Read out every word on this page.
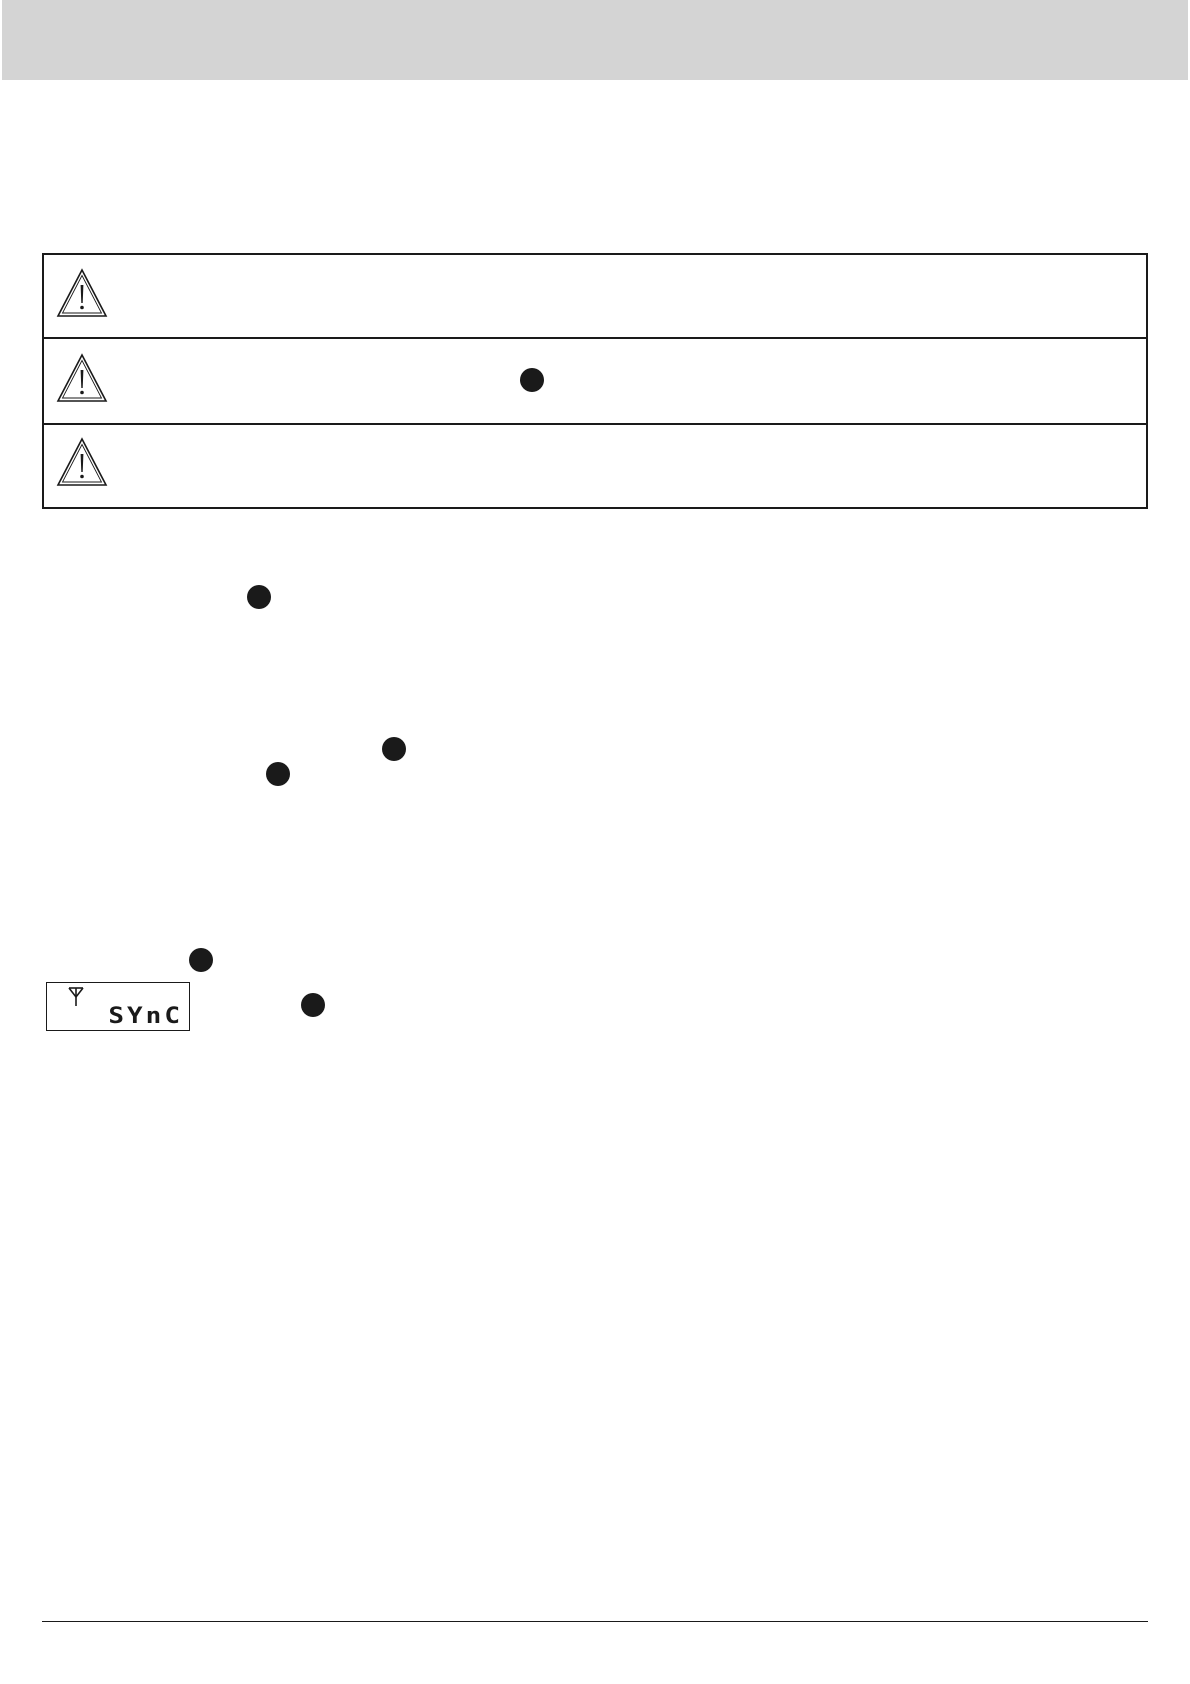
SYnC
